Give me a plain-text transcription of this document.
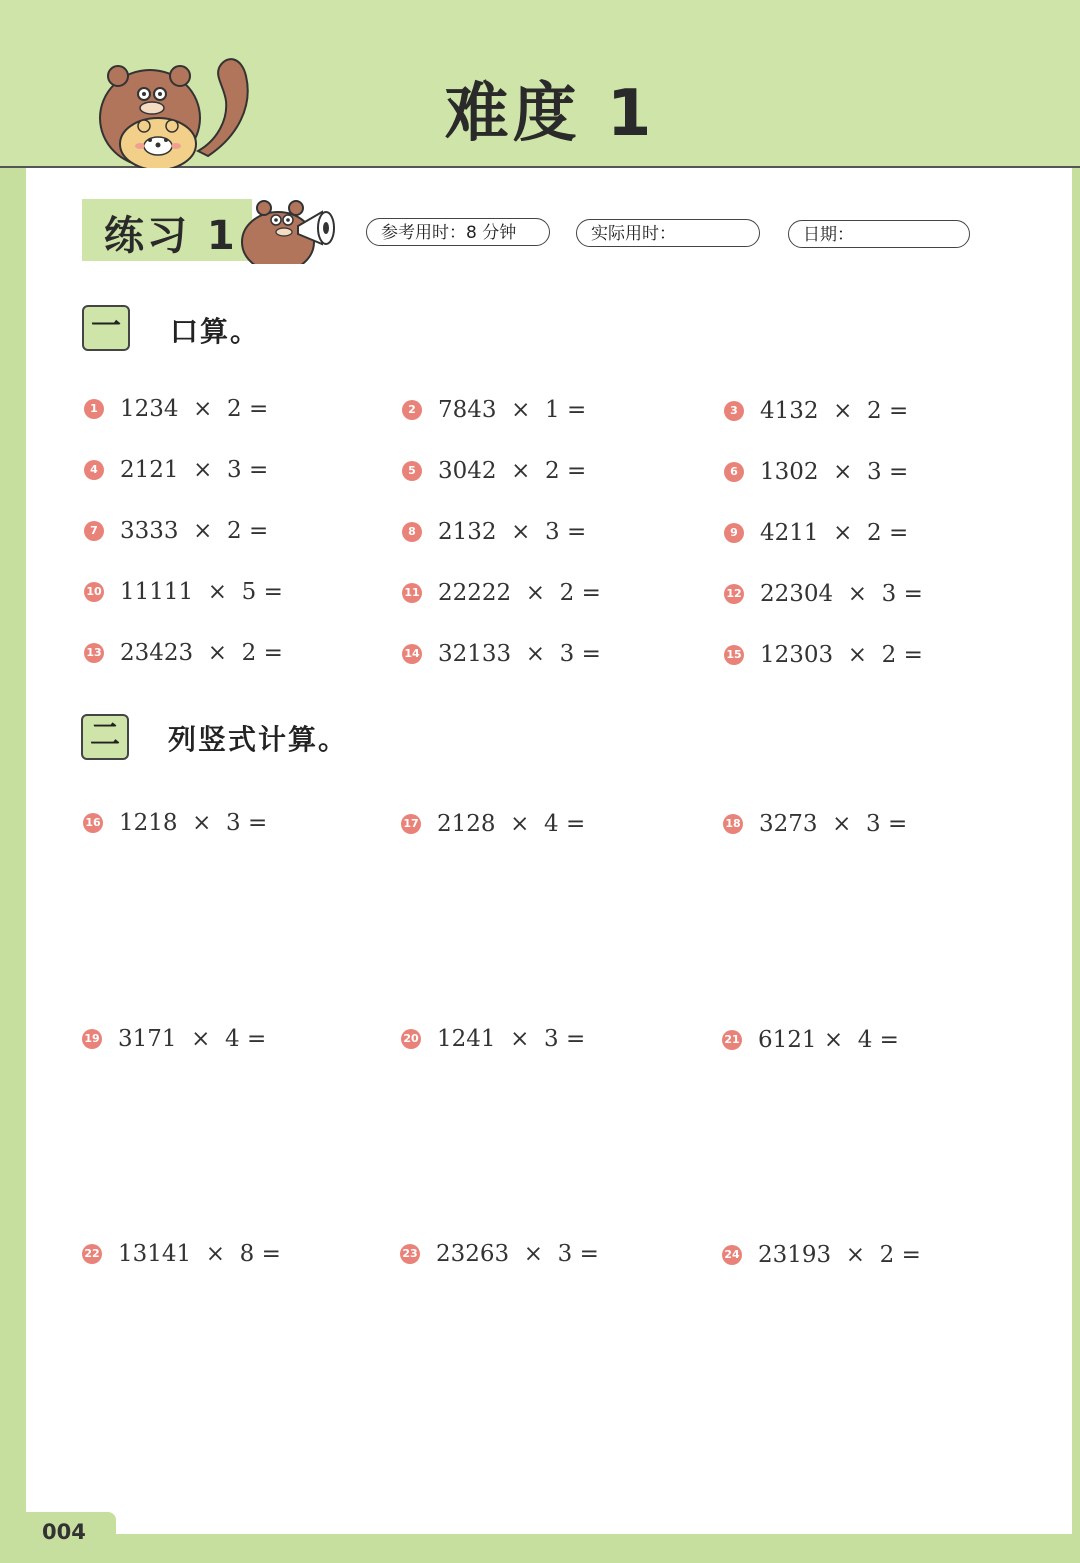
难度 1
004
练习 1	参考用时：8 分钟	实际用时：	日期：
一	口算。
二	列竖式计算。
1 1234  ×  2 =	2 7843  ×  1 =	3 4132  ×  2 =
4 2121  ×  3 =	5 3042  ×  2 =	6 1302  ×  3 =
7 3333  ×  2 =	8 2132  ×  3 =	9 4211  ×  2 =
10 11111  ×  5 =	11 22222  ×  2 =	12 22304  ×  3 =
13 23423  ×  2 =	14 32133  ×  3 =	15 12303  ×  2 =
16 1218  ×  3 =	17 2128  ×  4 =	18 3273  ×  3 =
19 3171  ×  4 =	20 1241  ×  3 =	21 6121 ×  4 =
22 13141  ×  8 =	23 23263  ×  3 =	24 23193  ×  2 =
